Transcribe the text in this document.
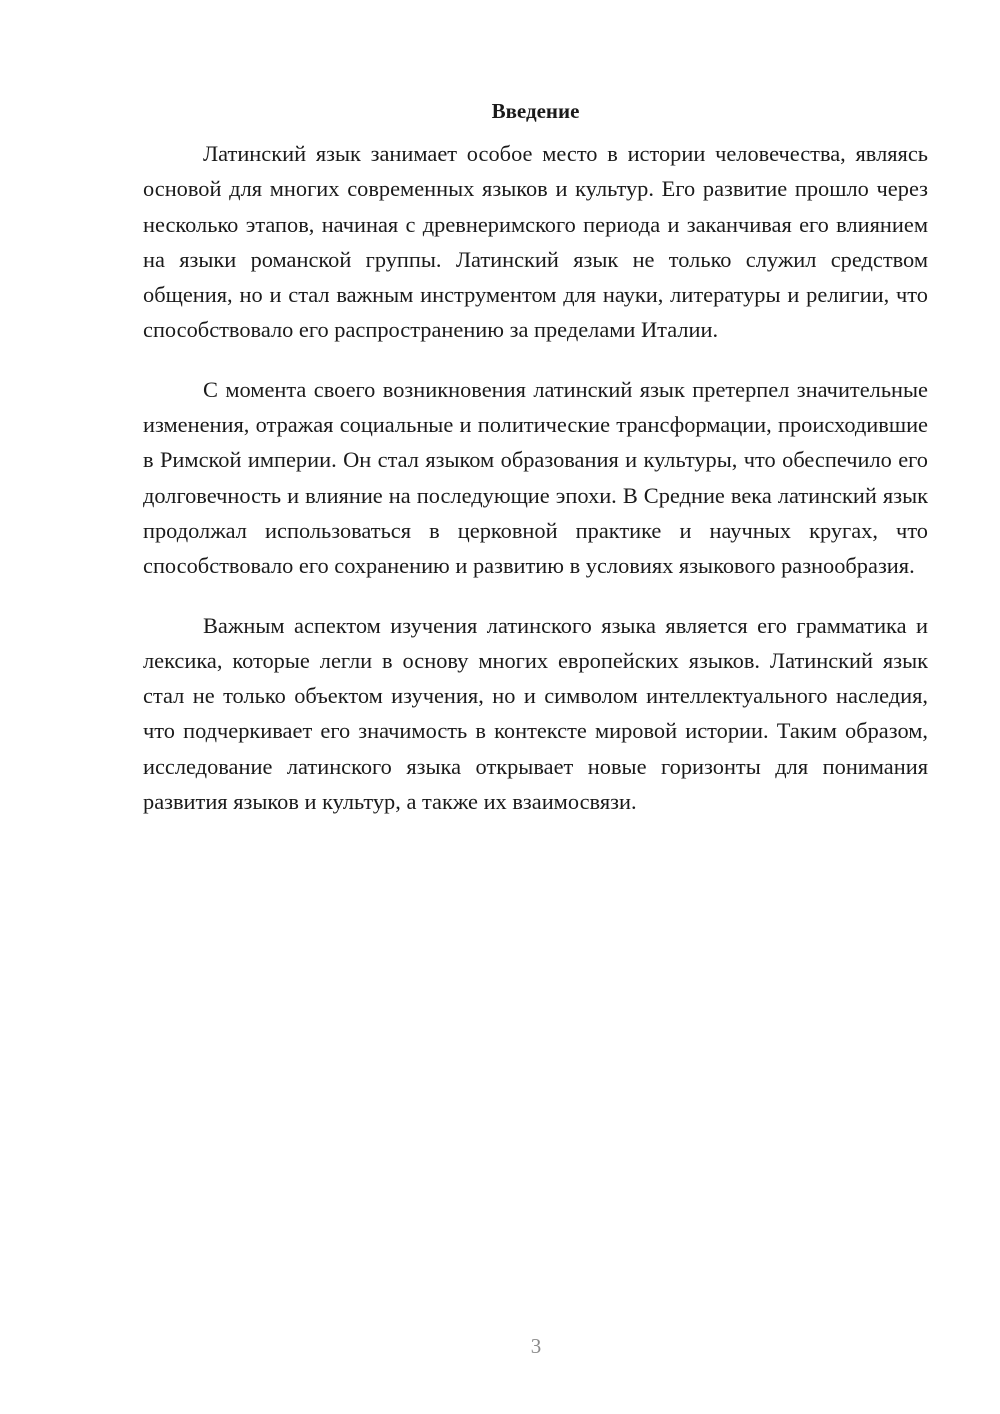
Введение

Латинский язык занимает особое место в истории человечества, являясь основой для многих современных языков и культур. Его развитие прошло через несколько этапов, начиная с древнеримского периода и заканчивая его влиянием на языки романской группы. Латинский язык не только служил средством общения, но и стал важным инструментом для науки, литературы и религии, что способствовало его распространению за пределами Италии.

С момента своего возникновения латинский язык претерпел значительные изменения, отражая социальные и политические трансформации, происходившие в Римской империи. Он стал языком образования и культуры, что обеспечило его долговечность и влияние на последующие эпохи. В Средние века латинский язык продолжал использоваться в церковной практике и научных кругах, что способствовало его сохранению и развитию в условиях языкового разнообразия.

Важным аспектом изучения латинского языка является его грамматика и лексика, которые легли в основу многих европейских языков. Латинский язык стал не только объектом изучения, но и символом интеллектуального наследия, что подчеркивает его значимость в контексте мировой истории. Таким образом, исследование латинского языка открывает новые горизонты для понимания развития языков и культур, а также их взаимосвязи.

3
